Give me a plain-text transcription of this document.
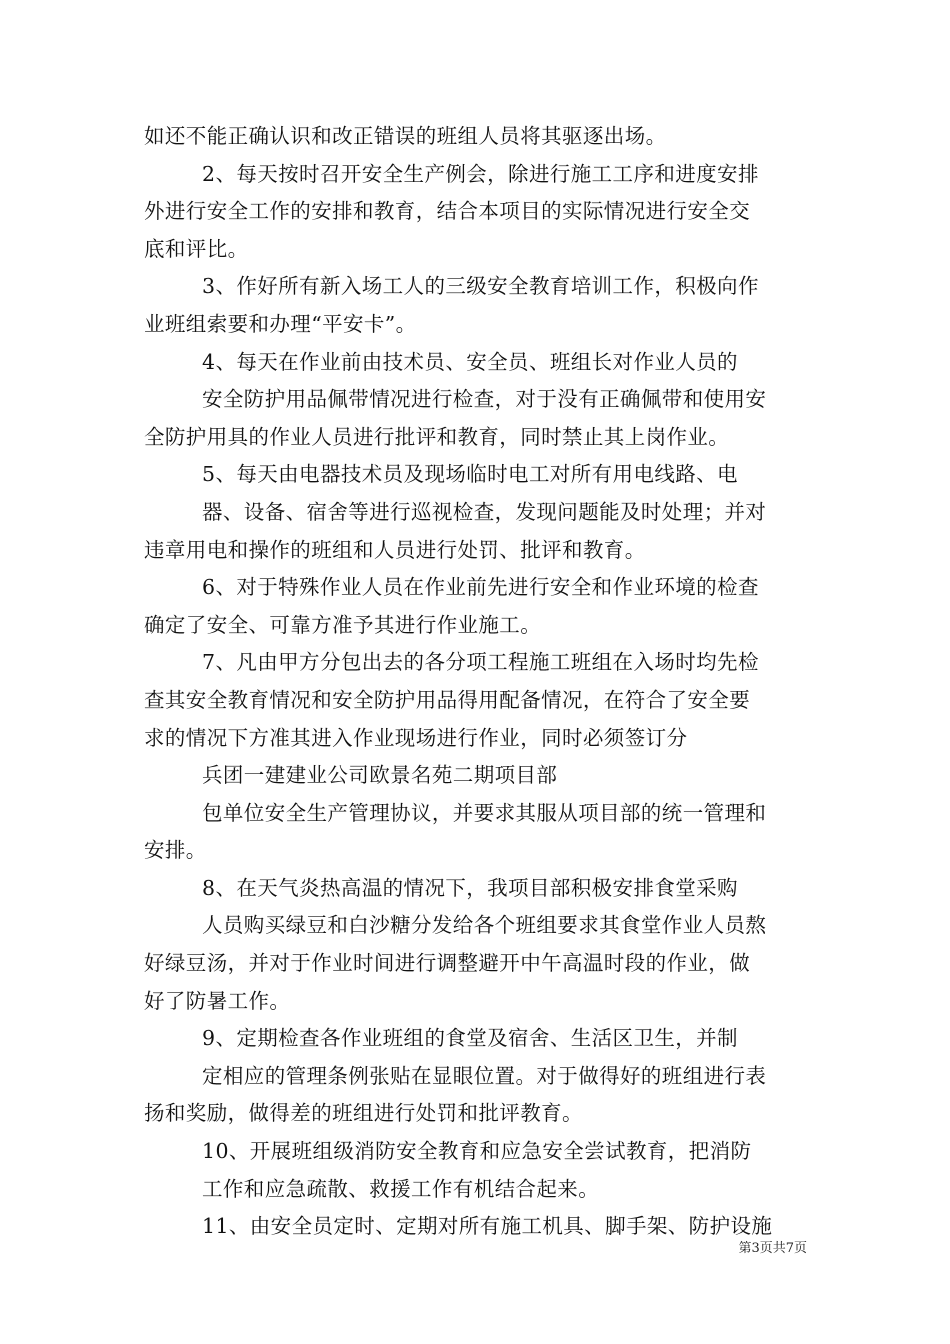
如还不能正确认识和改正错误的班组人员将其驱逐出场。
2、每天按时召开安全生产例会，除进行施工工序和进度安排
外进行安全工作的安排和教育，结合本项目的实际情况进行安全交
底和评比。
3、作好所有新入场工人的三级安全教育培训工作，积极向作
业班组索要和办理“平安卡”。
4、每天在作业前由技术员、安全员、班组长对作业人员的
安全防护用品佩带情况进行检查，对于没有正确佩带和使用安
全防护用具的作业人员进行批评和教育，同时禁止其上岗作业。
5、每天由电器技术员及现场临时电工对所有用电线路、电
器、设备、宿舍等进行巡视检查，发现问题能及时处理；并对
违章用电和操作的班组和人员进行处罚、批评和教育。
6、对于特殊作业人员在作业前先进行安全和作业环境的检查
确定了安全、可靠方准予其进行作业施工。
7、凡由甲方分包出去的各分项工程施工班组在入场时均先检
查其安全教育情况和安全防护用品得用配备情况，在符合了安全要
求的情况下方准其进入作业现场进行作业，同时必须签订分
兵团一建建业公司欧景名苑二期项目部
包单位安全生产管理协议，并要求其服从项目部的统一管理和
安排。
8、在天气炎热高温的情况下，我项目部积极安排食堂采购
人员购买绿豆和白沙糖分发给各个班组要求其食堂作业人员熬
好绿豆汤，并对于作业时间进行调整避开中午高温时段的作业，做
好了防暑工作。
9、定期检查各作业班组的食堂及宿舍、生活区卫生，并制
定相应的管理条例张贴在显眼位置。对于做得好的班组进行表
扬和奖励，做得差的班组进行处罚和批评教育。
10、开展班组级消防安全教育和应急安全尝试教育，把消防
工作和应急疏散、救援工作有机结合起来。
11、由安全员定时、定期对所有施工机具、脚手架、防护设施
第3页共7页
